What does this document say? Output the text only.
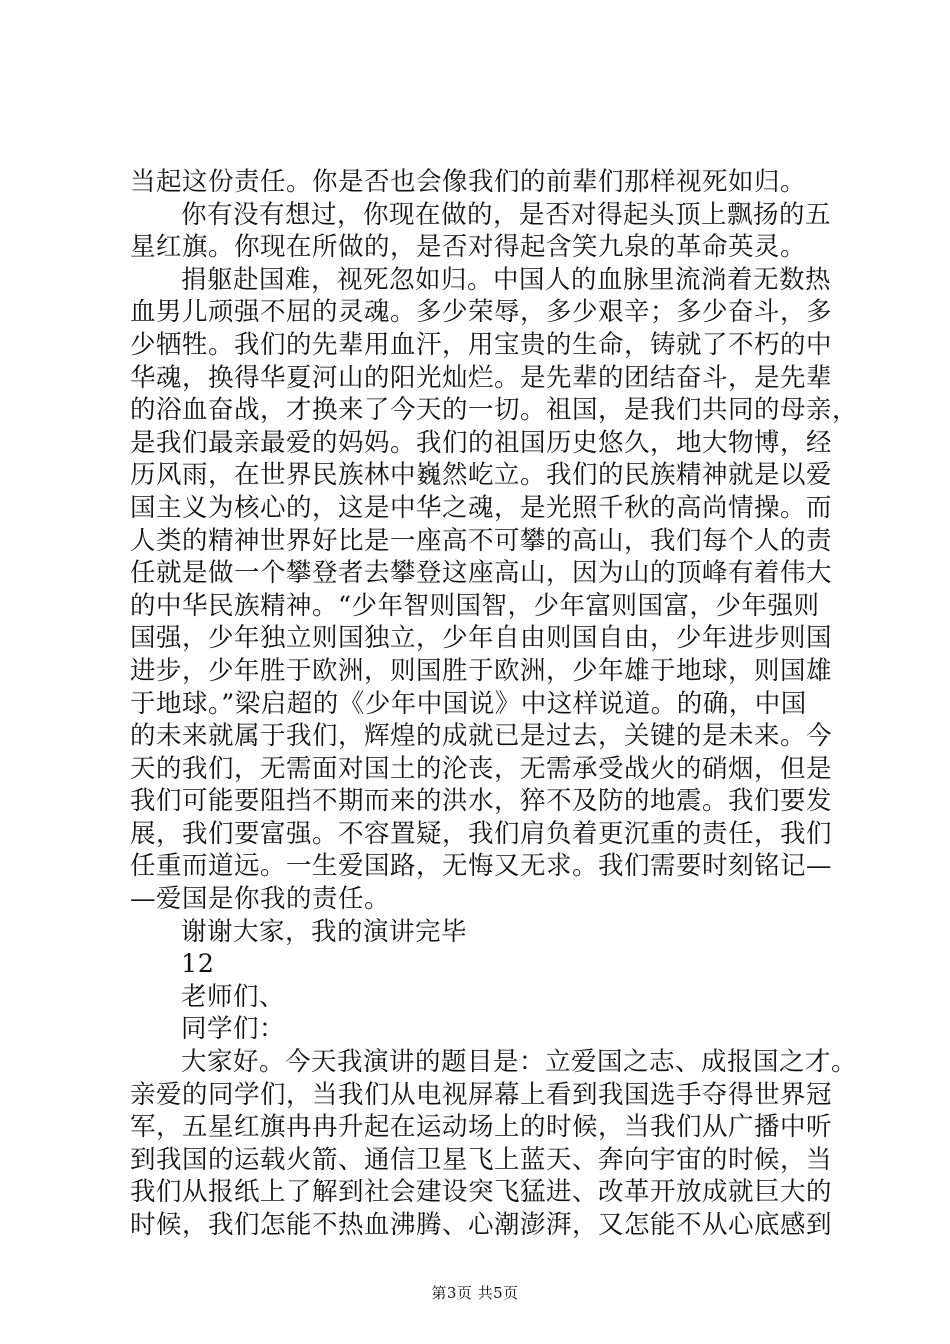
当起这份责任。你是否也会像我们的前辈们那样视死如归。
你有没有想过，你现在做的，是否对得起头顶上飘扬的五
星红旗。你现在所做的，是否对得起含笑九泉的革命英灵。
捐躯赴国难，视死忽如归。中国人的血脉里流淌着无数热
血男儿顽强不屈的灵魂。多少荣辱，多少艰辛；多少奋斗，多
少牺牲。我们的先辈用血汗，用宝贵的生命，铸就了不朽的中
华魂，换得华夏河山的阳光灿烂。是先辈的团结奋斗，是先辈
的浴血奋战，才换来了今天的一切。祖国，是我们共同的母亲，
是我们最亲最爱的妈妈。我们的祖国历史悠久，地大物博，经
历风雨，在世界民族林中巍然屹立。我们的民族精神就是以爱
国主义为核心的，这是中华之魂，是光照千秋的高尚情操。而
人类的精神世界好比是一座高不可攀的高山，我们每个人的责
任就是做一个攀登者去攀登这座高山，因为山的顶峰有着伟大
的中华民族精神。“少年智则国智，少年富则国富，少年强则
国强，少年独立则国独立，少年自由则国自由，少年进步则国
进步，少年胜于欧洲，则国胜于欧洲，少年雄于地球，则国雄
于地球。”梁启超的《少年中国说》中这样说道。的确，中国
的未来就属于我们，辉煌的成就已是过去，关键的是未来。今
天的我们，无需面对国土的沦丧，无需承受战火的硝烟，但是
我们可能要阻挡不期而来的洪水，猝不及防的地震。我们要发
展，我们要富强。不容置疑，我们肩负着更沉重的责任，我们
任重而道远。一生爱国路，无悔又无求。我们需要时刻铭记—
—爱国是你我的责任。
谢谢大家，我的演讲完毕
12
老师们、
同学们：
大家好。今天我演讲的题目是：立爱国之志、成报国之才。
亲爱的同学们，当我们从电视屏幕上看到我国选手夺得世界冠
军，五星红旗冉冉升起在运动场上的时候，当我们从广播中听
到我国的运载火箭、通信卫星飞上蓝天、奔向宇宙的时候，当
我们从报纸上了解到社会建设突飞猛进、改革开放成就巨大的
时候，我们怎能不热血沸腾、心潮澎湃，又怎能不从心底感到
第3页 共5页
